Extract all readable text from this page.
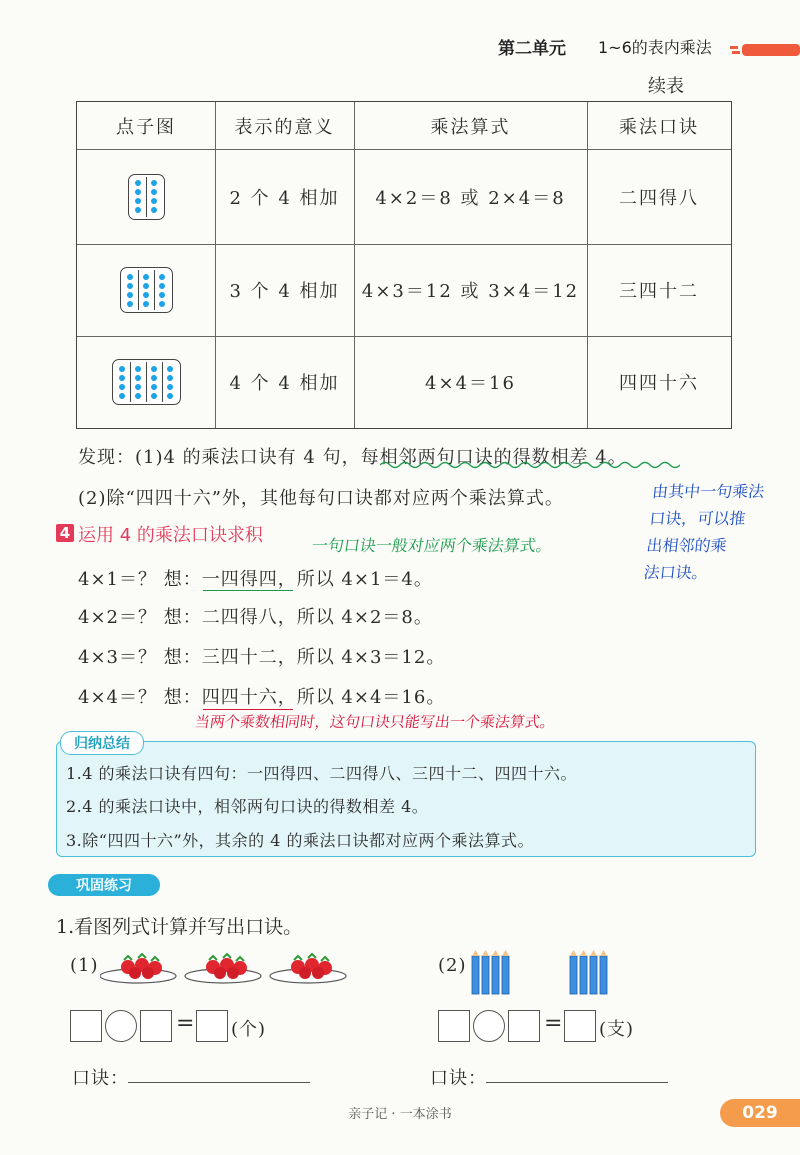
第二单元 1~6的表内乘法
续表
点子图	表示的意义	乘法算式	乘法口诀
2 个 4 相加	4×2＝8 或 2×4＝8	二四得八
3 个 4 相加	4×3＝12 或 3×4＝12	三四十二
4 个 4 相加	4×4＝16	四四十六
发现：(1)4 的乘法口诀有 4 句，每相邻两句口诀的得数相差 4。
(2)除“四四十六”外，其他每句口诀都对应两个乘法算式。	由其中一句乘法
口诀，可以推
出相邻的乘
法口诀。
4 运用 4 的乘法口诀求积	一句口诀一般对应两个乘法算式。
4×1＝？ 想：一四得四，所以 4×1＝4。
4×2＝？ 想：二四得八，所以 4×2＝8。
4×3＝？ 想：三四十二，所以 4×3＝12。
4×4＝？ 想：四四十六，所以 4×4＝16。
当两个乘数相同时，这句口诀只能写出一个乘法算式。
归纳总结
1.4 的乘法口诀有四句：一四得四、二四得八、三四十二、四四十六。
2.4 的乘法口诀中，相邻两句口诀的得数相差 4。
3.除“四四十六”外，其余的 4 的乘法口诀都对应两个乘法算式。
巩固练习
1.看图列式计算并写出口诀。
(1)
= (个)
口诀：
(2)
= (支)
口诀：
亲子记 · 一本涂书	029
